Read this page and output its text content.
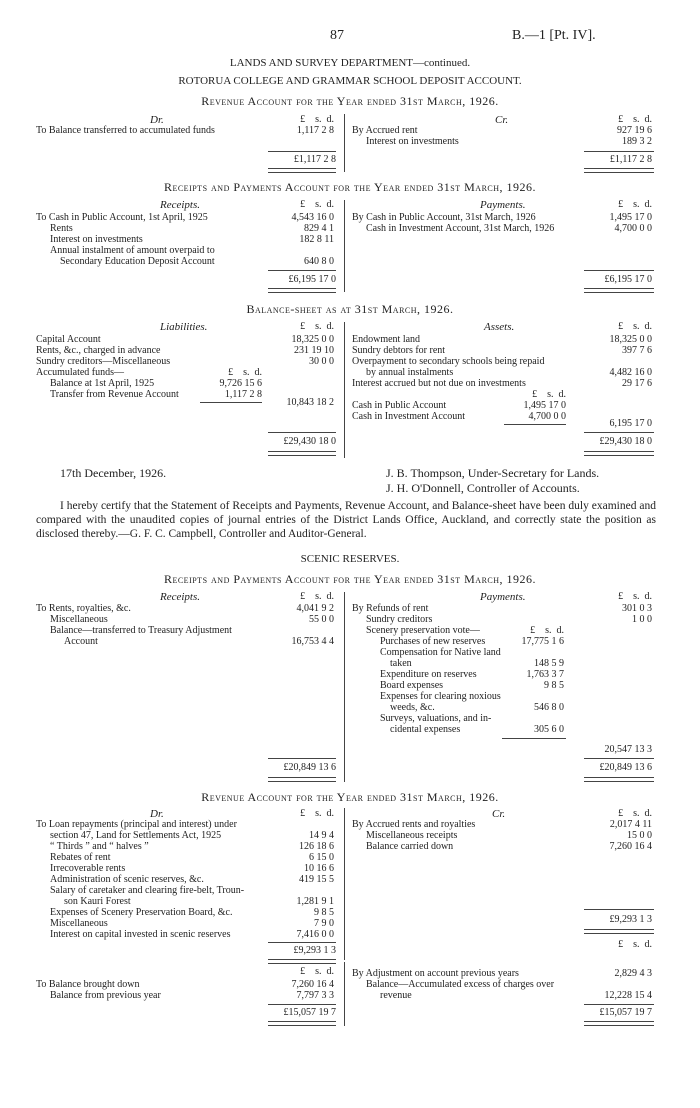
87	B.—1 [Pt. IV].
LANDS AND SURVEY DEPARTMENT—continued.
ROTORUA COLLEGE AND GRAMMAR SCHOOL DEPOSIT ACCOUNT.
Revenue Account for the Year ended 31st March, 1926.
Dr.	Cr.
£ s. d.	£ s. d.
To Balance transferred to accumulated funds	1,117 2 8 By Accrued rent	927 19 6
Interest on investments	189 3 2
£1,117 2 8	£1,117 2 8
Receipts and Payments Account for the Year ended 31st March, 1926.
Receipts.	Payments.
£ s. d.	£ s. d.
To Cash in Public Account, 1st April, 1925	4,543 16 0
Rents	829 4 1
Interest on investments	182 8 11
Annual instalment of amount overpaid to
Secondary Education Deposit Account	640 8 0
By Cash in Public Account, 31st March, 1926	1,495 17 0
Cash in Investment Account, 31st March, 1926	4,700 0 0
£6,195 17 0	£6,195 17 0
Balance-sheet as at 31st March, 1926.
Liabilities.	Assets.
£ s. d.	£ s. d.
Capital Account	18,325 0 0
Rents, &c., charged in advance	231 19 10
Sundry creditors—Miscellaneous	30 0 0
Accumulated funds—	£ s. d.
Balance at 1st April, 1925	9,726 15 6
Transfer from Revenue Account	1,117 2 8
10,843 18 2
Endowment land	18,325 0 0
Sundry debtors for rent	397 7 6
Overpayment to secondary schools being repaid
by annual instalments	4,482 16 0
Interest accrued but not due on investments	29 17 6
£ s. d.
Cash in Public Account	1,495 17 0
Cash in Investment Account	4,700 0 0
6,195 17 0
£29,430 18 0	£29,430 18 0
17th December, 1926.	J. B. Thompson, Under-Secretary for Lands.
J. H. O'Donnell, Controller of Accounts.
I hereby certify that the Statement of Receipts and Payments, Revenue Account, and Balance-sheet have been duly examined and compared with the unaudited copies of journal entries of the District Lands Office, Auckland, and correctly state the position as disclosed thereby.—G. F. C. Campbell, Controller and Auditor-General.
SCENIC RESERVES.
Receipts and Payments Account for the Year ended 31st March, 1926.
Receipts.	Payments.
£ s. d.	£ s. d.
To Rents, royalties, &c.	4,041 9 2
Miscellaneous	55 0 0
Balance—transferred to Treasury Adjustment
Account	16,753 4 4
By Refunds of rent	301 0 3
Sundry creditors	1 0 0
Scenery preservation vote—	£ s. d.
Purchases of new reserves	17,775 1 6
Compensation for Native land
taken	148 5 9
Expenditure on reserves	1,763 3 7
Board expenses	9 8 5
Expenses for clearing noxious
weeds, &c.	546 8 0
Surveys, valuations, and in-
cidental expenses	305 6 0
20,547 13 3
£20,849 13 6	£20,849 13 6
Revenue Account for the Year ended 31st March, 1926.
Dr.	Cr.
£ s. d.	£ s. d.
To Loan repayments (principal and interest) under
section 47, Land for Settlements Act, 1925	14 9 4
“ Thirds ” and “ halves ”	126 18 6
Rebates of rent	6 15 0
Irrecoverable rents	10 16 6
Administration of scenic reserves, &c.	419 15 5
Salary of caretaker and clearing fire-belt, Troun-
son Kauri Forest	1,281 9 1
Expenses of Scenery Preservation Board, &c.	9 8 5
Miscellaneous	7 9 0
Interest on capital invested in scenic reserves	7,416 0 0
By Accrued rents and royalties	2,017 4 11
Miscellaneous receipts	15 0 0
Balance carried down	7,260 16 4
£9,293 1 3
£9,293 1 3
£ s. d.
£ s. d.
To Balance brought down	7,260 16 4
Balance from previous year	7,797 3 3
By Adjustment on account previous years	2,829 4 3
Balance—Accumulated excess of charges over
revenue	12,228 15 4
£15,057 19 7	£15,057 19 7
